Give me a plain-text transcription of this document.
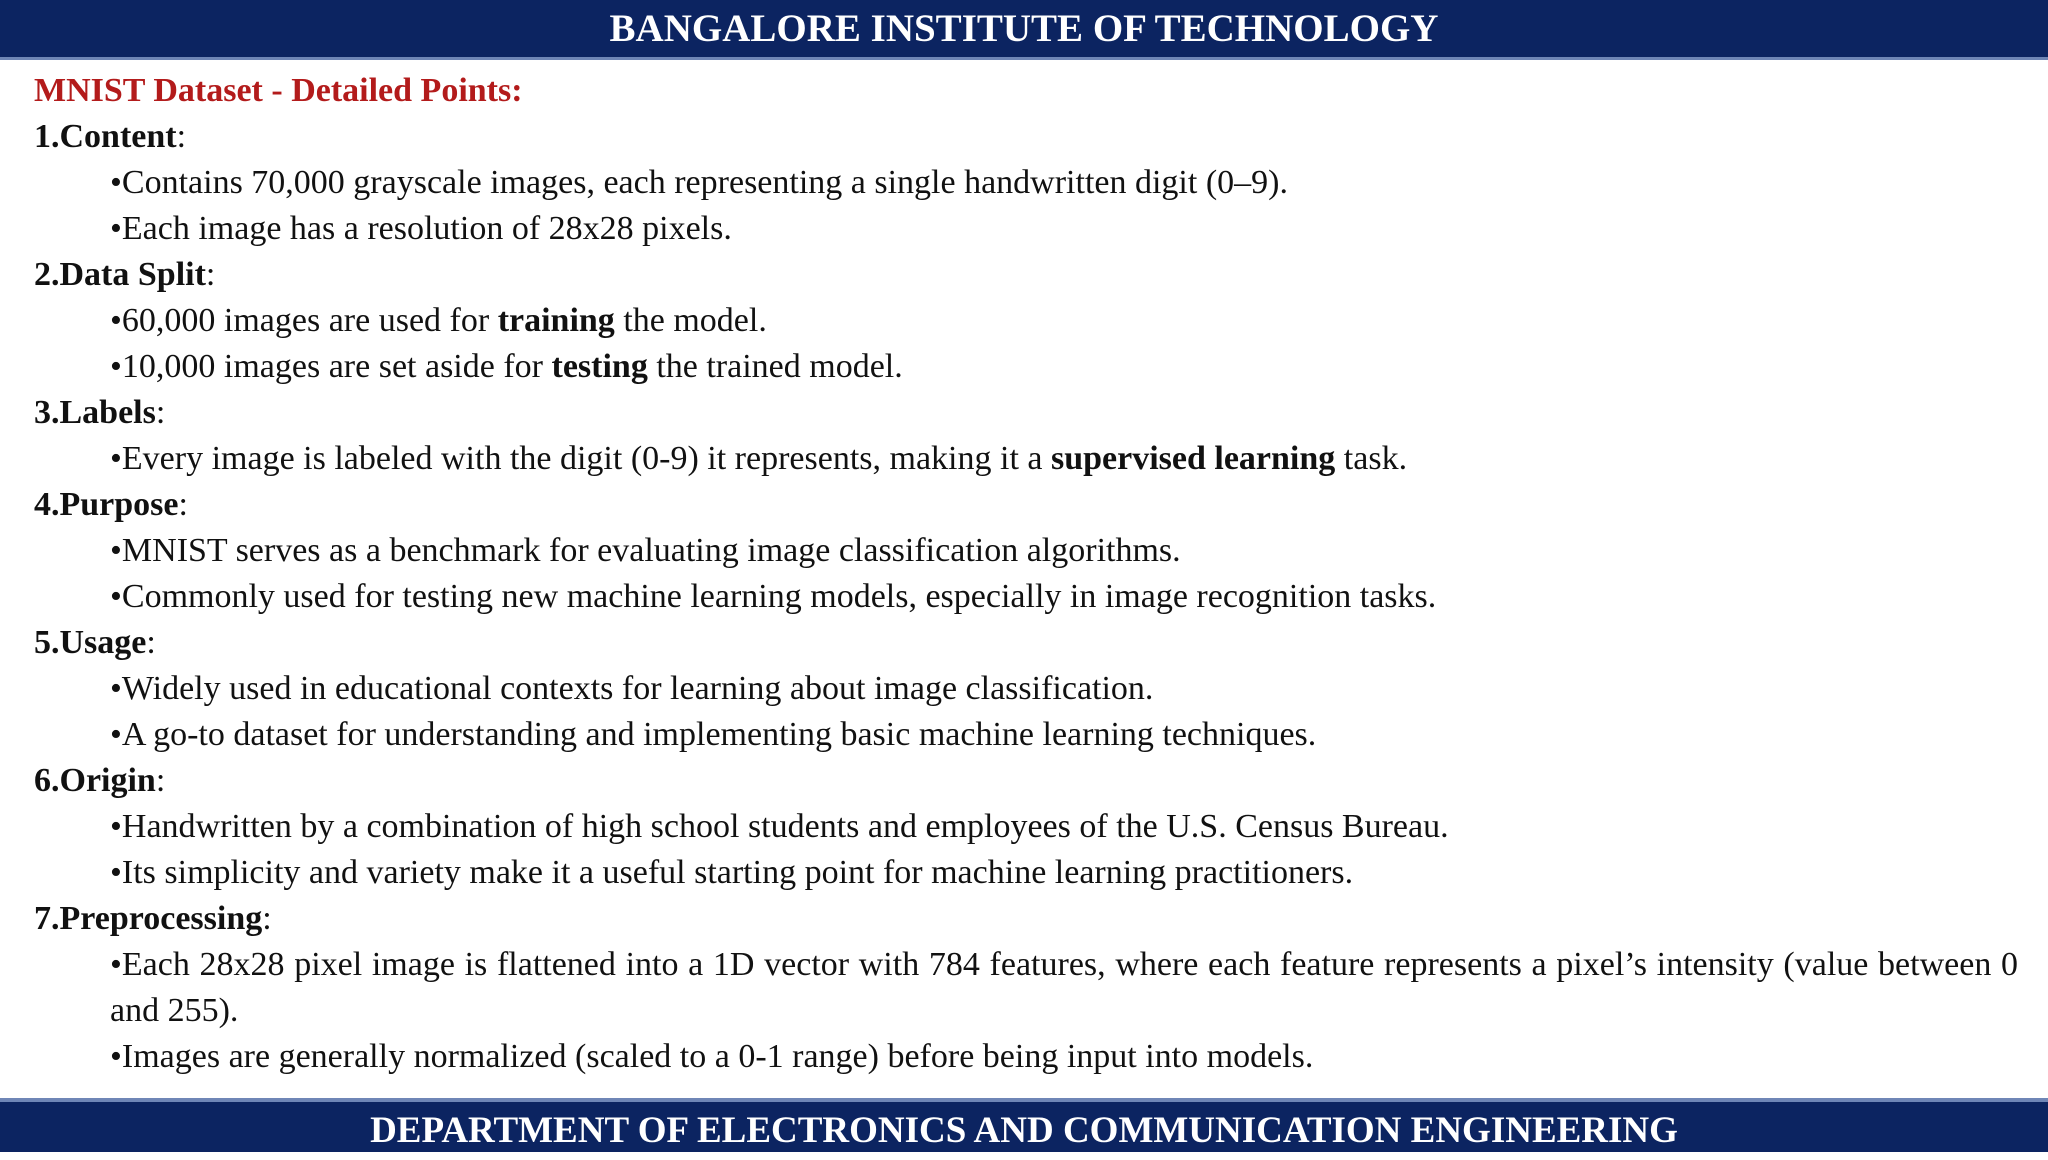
BANGALORE INSTITUTE OF TECHNOLOGY
MNIST Dataset - Detailed Points:
1.Content:
•Contains 70,000 grayscale images, each representing a single handwritten digit (0–9).
•Each image has a resolution of 28x28 pixels.
2.Data Split:
•60,000 images are used for training the model.
•10,000 images are set aside for testing the trained model.
3.Labels:
•Every image is labeled with the digit (0-9) it represents, making it a supervised learning task.
4.Purpose:
•MNIST serves as a benchmark for evaluating image classification algorithms.
•Commonly used for testing new machine learning models, especially in image recognition tasks.
5.Usage:
•Widely used in educational contexts for learning about image classification.
•A go-to dataset for understanding and implementing basic machine learning techniques.
6.Origin:
•Handwritten by a combination of high school students and employees of the U.S. Census Bureau.
•Its simplicity and variety make it a useful starting point for machine learning practitioners.
7.Preprocessing:
•Each 28x28 pixel image is flattened into a 1D vector with 784 features, where each feature represents a pixel’s intensity (value between 0 and 255).
•Images are generally normalized (scaled to a 0-1 range) before being input into models.
DEPARTMENT OF ELECTRONICS AND COMMUNICATION ENGINEERING
